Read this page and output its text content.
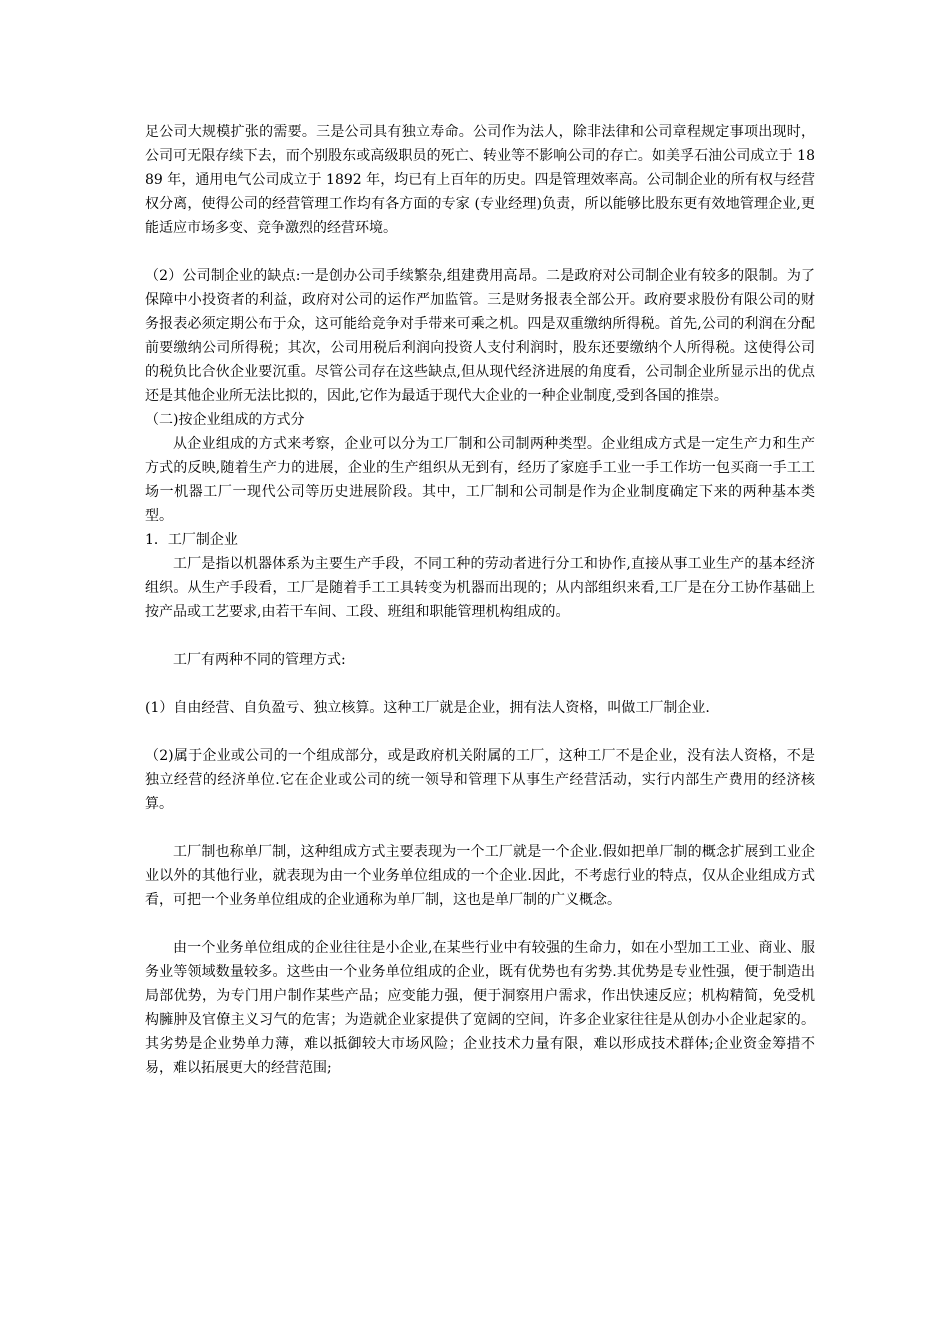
足公司大规模扩张的需要。三是公司具有独立寿命。公司作为法人，除非法律和公司章程规定事项出现时，公司可无限存续下去，而个别股东或高级职员的死亡、转业等不影响公司的存亡。如美孚石油公司成立于 1889 年，通用电气公司成立于 1892 年，均已有上百年的历史。四是管理效率高。公司制企业的所有权与经营权分离，使得公司的经营管理工作均有各方面的专家 (专业经理)负责，所以能够比股东更有效地管理企业,更能适应市场多变、竞争激烈的经营环境。

（2）公司制企业的缺点:一是创办公司手续繁杂,组建费用高昂。二是政府对公司制企业有较多的限制。为了保障中小投资者的利益，政府对公司的运作严加监管。三是财务报表全部公开。政府要求股份有限公司的财务报表必须定期公布于众，这可能给竞争对手带来可乘之机。四是双重缴纳所得税。首先,公司的利润在分配前要缴纳公司所得税；其次，公司用税后利润向投资人支付利润时，股东还要缴纳个人所得税。这使得公司的税负比合伙企业要沉重。尽管公司存在这些缺点,但从现代经济进展的角度看，公司制企业所显示出的优点还是其他企业所无法比拟的，因此,它作为最适于现代大企业的一种企业制度,受到各国的推崇。

（二)按企业组成的方式分

从企业组成的方式来考察，企业可以分为工厂制和公司制两种类型。企业组成方式是一定生产力和生产方式的反映,随着生产力的进展，企业的生产组织从无到有，经历了家庭手工业一手工作坊一包买商一手工工场一机器工厂一现代公司等历史进展阶段。其中，工厂制和公司制是作为企业制度确定下来的两种基本类型。

1．工厂制企业

工厂是指以机器体系为主要生产手段，不同工种的劳动者进行分工和协作,直接从事工业生产的基本经济组织。从生产手段看，工厂是随着手工工具转变为机器而出现的；从内部组织来看,工厂是在分工协作基础上按产品或工艺要求,由若干车间、工段、班组和职能管理机构组成的。

工厂有两种不同的管理方式:

(1）自由经营、自负盈亏、独立核算。这种工厂就是企业，拥有法人资格，叫做工厂制企业.

（2)属于企业或公司的一个组成部分，或是政府机关附属的工厂，这种工厂不是企业，没有法人资格，不是独立经营的经济单位.它在企业或公司的统一领导和管理下从事生产经营活动，实行内部生产费用的经济核算。

工厂制也称单厂制，这种组成方式主要表现为一个工厂就是一个企业.假如把单厂制的概念扩展到工业企业以外的其他行业，就表现为由一个业务单位组成的一个企业.因此，不考虑行业的特点，仅从企业组成方式看，可把一个业务单位组成的企业通称为单厂制，这也是单厂制的广义概念。

由一个业务单位组成的企业往往是小企业,在某些行业中有较强的生命力，如在小型加工工业、商业、服务业等领域数量较多。这些由一个业务单位组成的企业，既有优势也有劣势.其优势是专业性强，便于制造出局部优势，为专门用户制作某些产品；应变能力强，便于洞察用户需求，作出快速反应；机构精简，免受机构臃肿及官僚主义习气的危害；为造就企业家提供了宽阔的空间，许多企业家往往是从创办小企业起家的。其劣势是企业势单力薄，难以抵御较大市场风险；企业技术力量有限，难以形成技术群体;企业资金筹措不易，难以拓展更大的经营范围;
